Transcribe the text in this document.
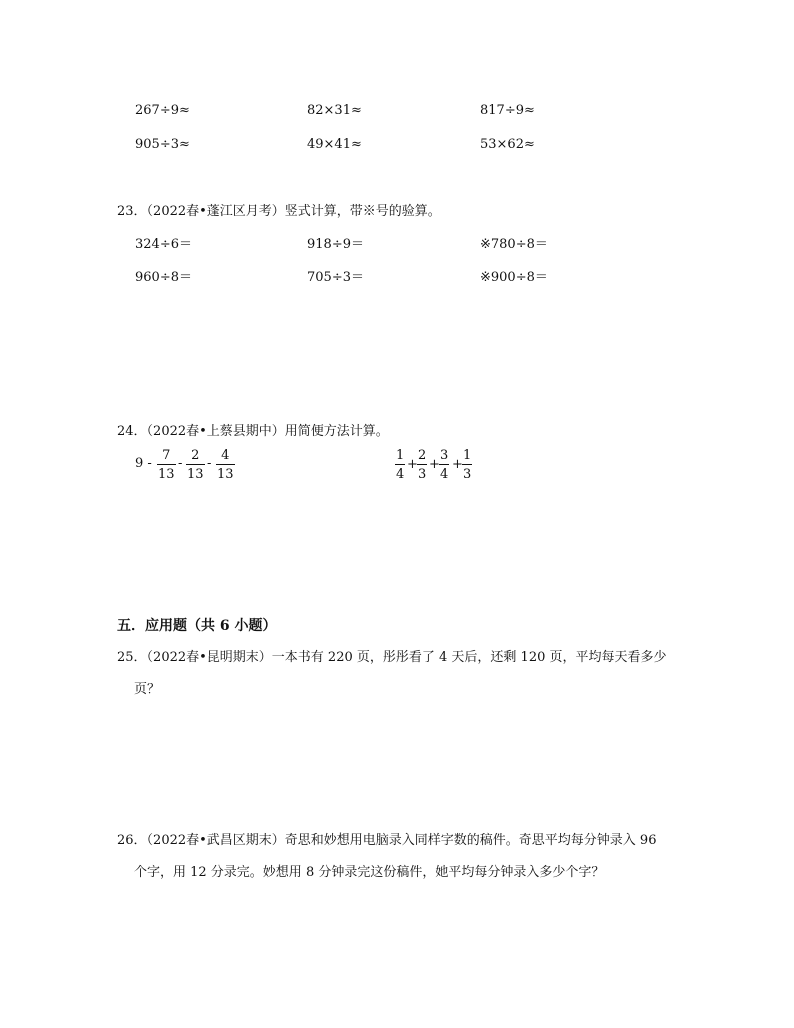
267÷9≈	82×31≈	817÷9≈
905÷3≈	49×41≈	53×62≈
23．（2022春•蓬江区月考）竖式计算，带※号的验算。
324÷6＝	918÷9＝	※780÷8＝
960÷8＝	705÷3＝	※900÷8＝
24．（2022春•上蔡县期中）用简便方法计算。
9 -
7
13
-
2
13
-
4
13
1
4
+
2
3
+
3
4
+
1
3
五．应用题（共 6 小题）
25．（2022春•昆明期末）一本书有 220 页，彤彤看了 4 天后，还剩 120 页，平均每天看多少
页？
26．（2022春•武昌区期末）奇思和妙想用电脑录入同样字数的稿件。奇思平均每分钟录入 96
个字，用 12 分录完。妙想用 8 分钟录完这份稿件，她平均每分钟录入多少个字？
